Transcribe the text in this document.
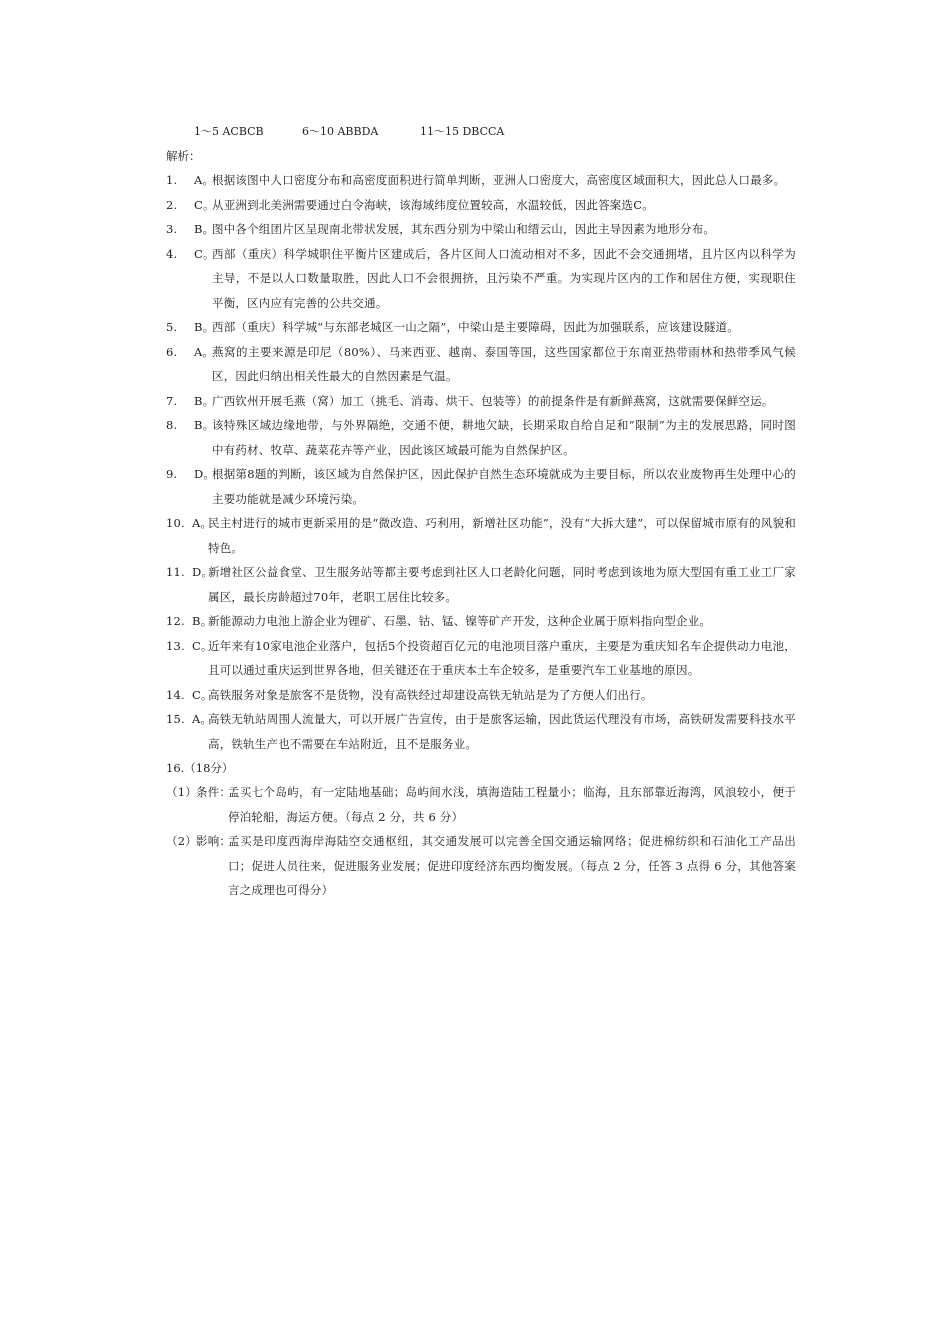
1～5 ACBCB	6～10 ABBDA	11～15 DBCCA
解析：
1.	A。
根据该图中人口密度分布和高密度面积进行简单判断，亚洲人口密度大，高密度区域面积大，因此总人口最多。
2.	C。
从亚洲到北美洲需要通过白令海峡，该海域纬度位置较高，水温较低，因此答案选C。
3.	B。
图中各个组团片区呈现南北带状发展，其东西分别为中梁山和缙云山，因此主导因素为地形分布。
4.	C。
西部（重庆）科学城职住平衡片区建成后，各片区间人口流动相对不多，因此不会交通拥堵，且片区内以科学为主导，不是以人口数量取胜，因此人口不会很拥挤，且污染不严重。为实现片区内的工作和居住方便，实现职住平衡，区内应有完善的公共交通。
5.	B。
西部（重庆）科学城“与东部老城区一山之隔”，中梁山是主要障碍，因此为加强联系，应该建设隧道。
6.	A。
燕窝的主要来源是印尼（80%）、马来西亚、越南、泰国等国，这些国家都位于东南亚热带雨林和热带季风气候区，因此归纳出相关性最大的自然因素是气温。
7.	B。
广西钦州开展毛燕（窝）加工（挑毛、消毒、烘干、包装等）的前提条件是有新鲜燕窝，这就需要保鲜空运。
8.	B。
该特殊区域边缘地带，与外界隔绝，交通不便，耕地欠缺，长期采取自给自足和“限制”为主的发展思路，同时图中有药材、牧草、蔬菜花卉等产业，因此该区域最可能为自然保护区。
9.	D。
根据第8题的判断，该区域为自然保护区，因此保护自然生态环境就成为主要目标，所以农业废物再生处理中心的主要功能就是减少环境污染。
10. A。
民主村进行的城市更新采用的是“微改造、巧利用，新增社区功能”，没有“大拆大建”，可以保留城市原有的风貌和特色。
11. D。
新增社区公益食堂、卫生服务站等都主要考虑到社区人口老龄化问题，同时考虑到该地为原大型国有重工业工厂家属区，最长房龄超过70年，老职工居住比较多。
12. B。
新能源动力电池上游企业为锂矿、石墨、钴、锰、镍等矿产开发，这种企业属于原料指向型企业。
13. C。
近年来有10家电池企业落户，包括5个投资超百亿元的电池项目落户重庆，主要是为重庆知名车企提供动力电池，且可以通过重庆运到世界各地，但关键还在于重庆本土车企较多，是重要汽车工业基地的原因。
14. C。
高铁服务对象是旅客不是货物，没有高铁经过却建设高铁无轨站是为了方便人们出行。
15. A。
高铁无轨站周围人流量大，可以开展广告宣传，由于是旅客运输，因此货运代理没有市场，高铁研发需要科技水平高，铁轨生产也不需要在车站附近，且不是服务业。
16.（18分）
（1） 条件：
孟买七个岛屿，有一定陆地基础；岛屿间水浅，填海造陆工程量小；临海，且东部靠近海湾，风浪较小，便于停泊轮船，海运方便。（每点 2 分，共 6 分）
（2） 影响：
孟买是印度西海岸海陆空交通枢纽，其交通发展可以完善全国交通运输网络；促进棉纺织和石油化工产品出口；促进人员往来，促进服务业发展；促进印度经济东西均衡发展。（每点 2 分，任答 3 点得 6 分，其他答案言之成理也可得分）
